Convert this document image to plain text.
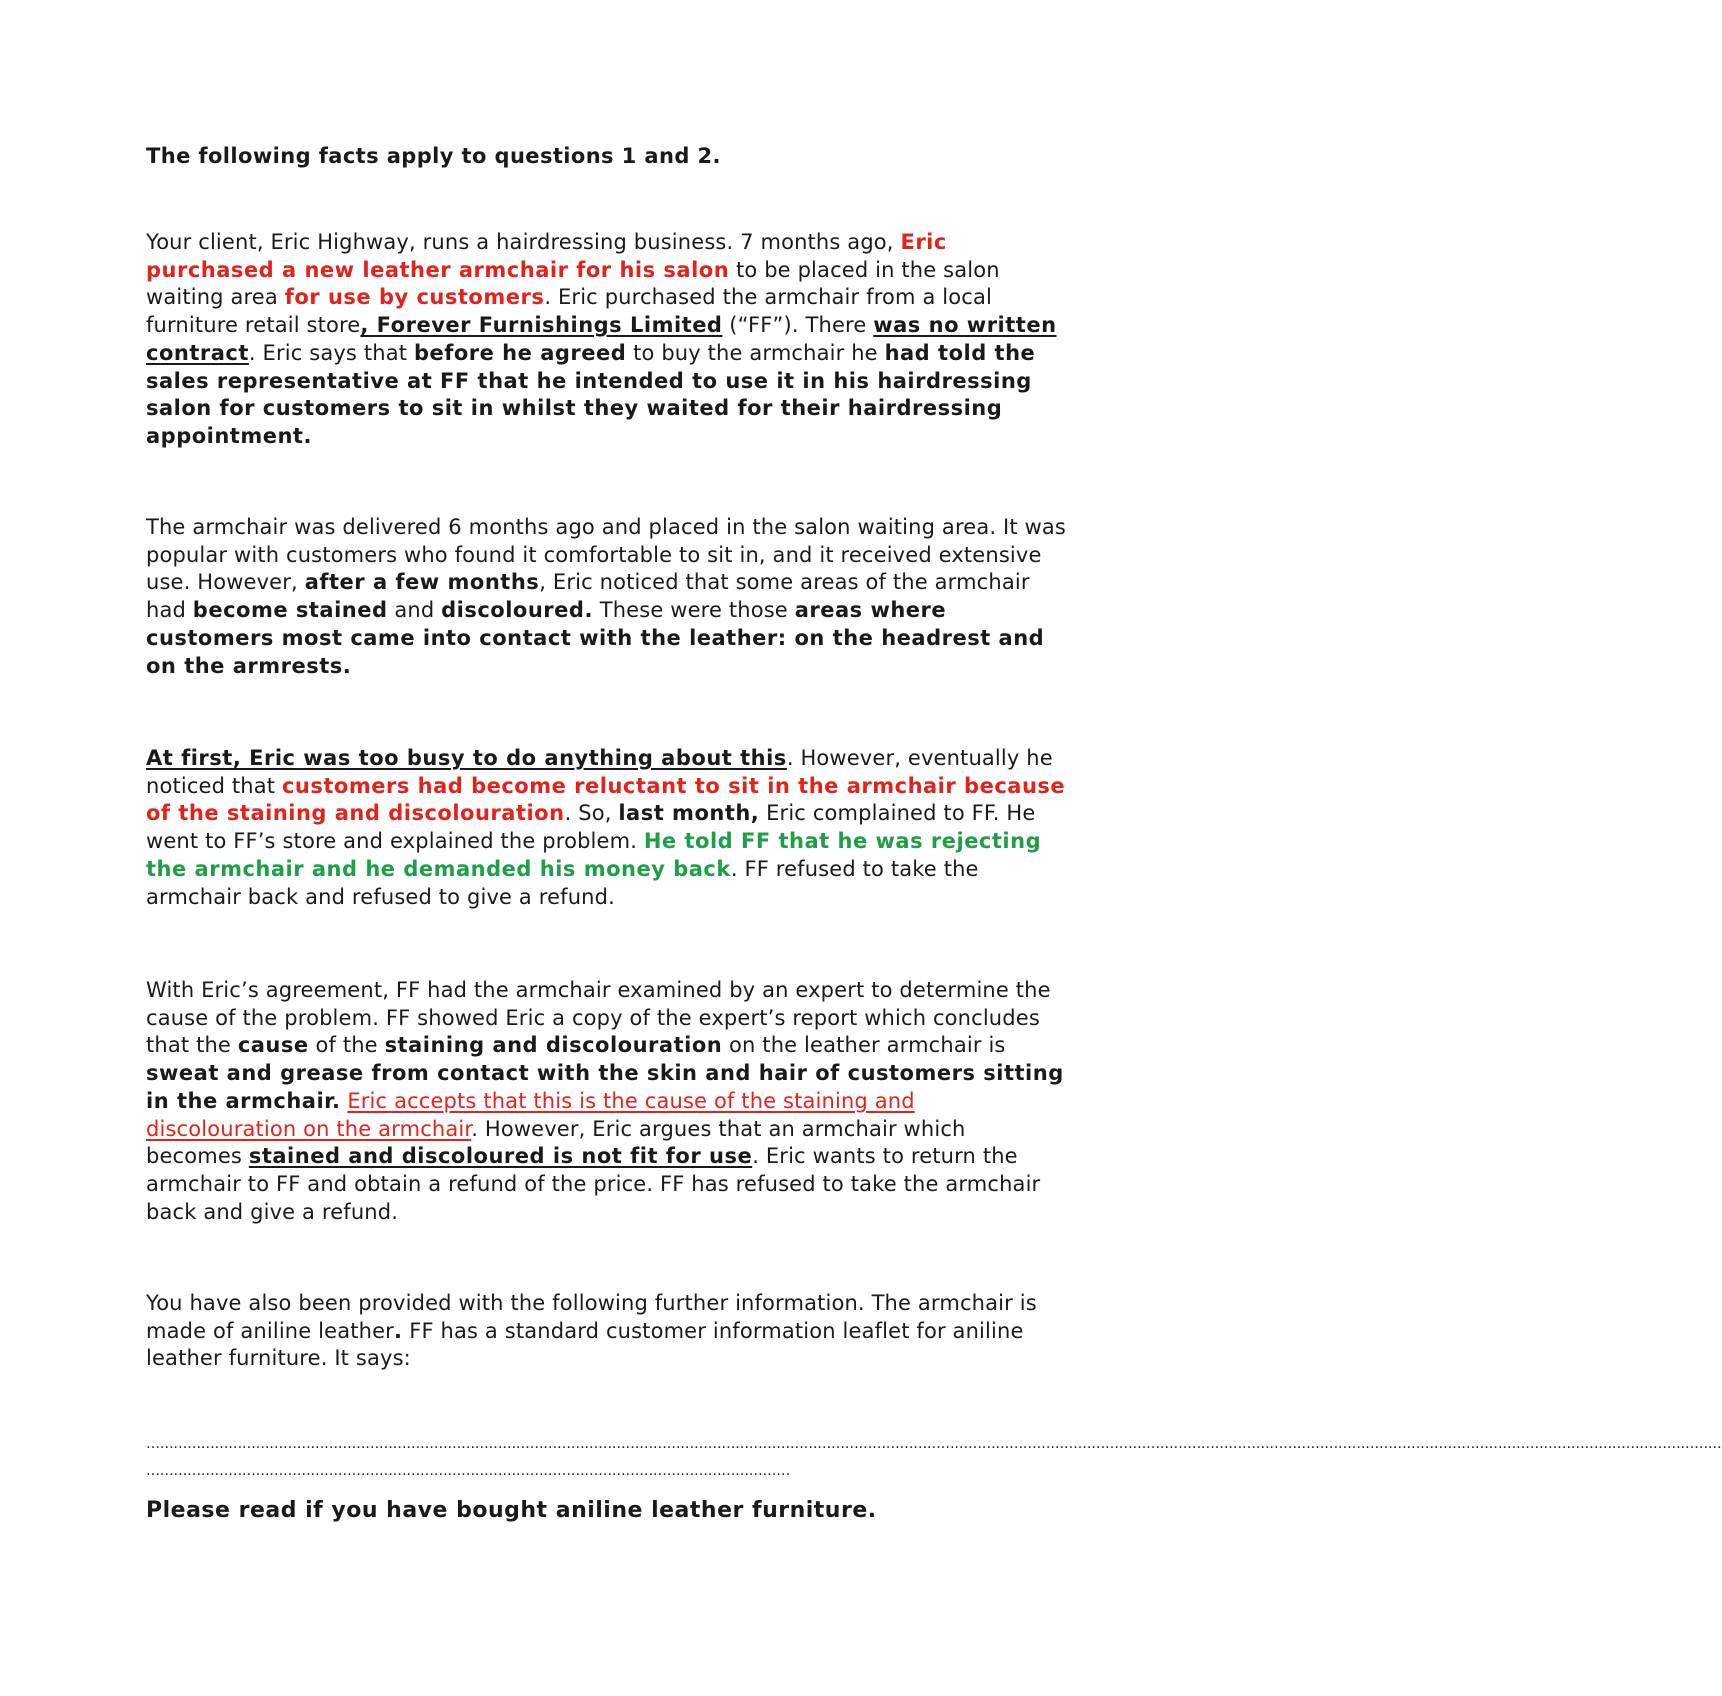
The following facts apply to questions 1 and 2.

Your client, Eric Highway, runs a hairdressing business. 7 months ago, Eric purchased a new leather armchair for his salon to be placed in the salon waiting area for use by customers. Eric purchased the armchair from a local furniture retail store, Forever Furnishings Limited (“FF”). There was no written contract. Eric says that before he agreed to buy the armchair he had told the sales representative at FF that he intended to use it in his hairdressing salon for customers to sit in whilst they waited for their hairdressing appointment.

The armchair was delivered 6 months ago and placed in the salon waiting area. It was popular with customers who found it comfortable to sit in, and it received extensive use. However, after a few months, Eric noticed that some areas of the armchair had become stained and discoloured. These were those areas where customers most came into contact with the leather: on the headrest and on the armrests.

At first, Eric was too busy to do anything about this. However, eventually he noticed that customers had become reluctant to sit in the armchair because of the staining and discolouration. So, last month, Eric complained to FF. He went to FF’s store and explained the problem. He told FF that he was rejecting the armchair and he demanded his money back. FF refused to take the armchair back and refused to give a refund.

With Eric’s agreement, FF had the armchair examined by an expert to determine the cause of the problem. FF showed Eric a copy of the expert’s report which concludes that the cause of the staining and discolouration on the leather armchair is sweat and grease from contact with the skin and hair of customers sitting in the armchair. Eric accepts that this is the cause of the staining and discolouration on the armchair. However, Eric argues that an armchair which becomes stained and discoloured is not fit for use. Eric wants to return the armchair to FF and obtain a refund of the price. FF has refused to take the armchair back and give a refund.

You have also been provided with the following further information. The armchair is made of aniline leather. FF has a standard customer information leaflet for aniline leather furniture. It says:

…………………………………………………………………………………………………………………………………………………………………………………………………………………………………………………………………………………………………………………

……………………………………………………………………………………………………………………………

Please read if you have bought aniline leather furniture.
